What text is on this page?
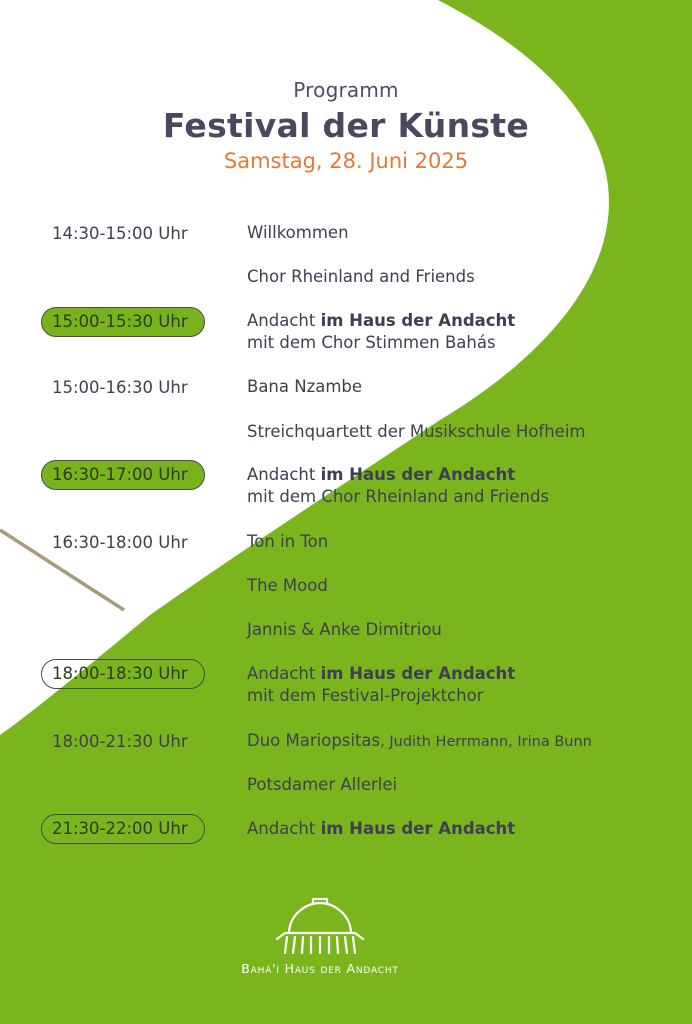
Programm
Festival der Künste
Samstag, 28. Juni 2025
14:30-15:00 Uhr	Willkommen
Chor Rheinland and Friends
15:00-15:30 Uhr	Andacht im Haus der Andacht
mit dem Chor Stimmen Bahás
15:00-16:30 Uhr	Bana Nzambe
Streichquartett der Musikschule Hofheim
16:30-17:00 Uhr	Andacht im Haus der Andacht
mit dem Chor Rheinland and Friends
16:30-18:00 Uhr	Ton in Ton
The Mood
Jannis & Anke Dimitriou
18:00-18:30 Uhr	Andacht im Haus der Andacht
mit dem Festival-Projektchor
18:00-21:30 Uhr	Duo Mariopsitas, Judith Herrmann, Irina Bunn
Potsdamer Allerlei
21:30-22:00 Uhr	Andacht im Haus der Andacht
Bahá'í Haus der Andacht
